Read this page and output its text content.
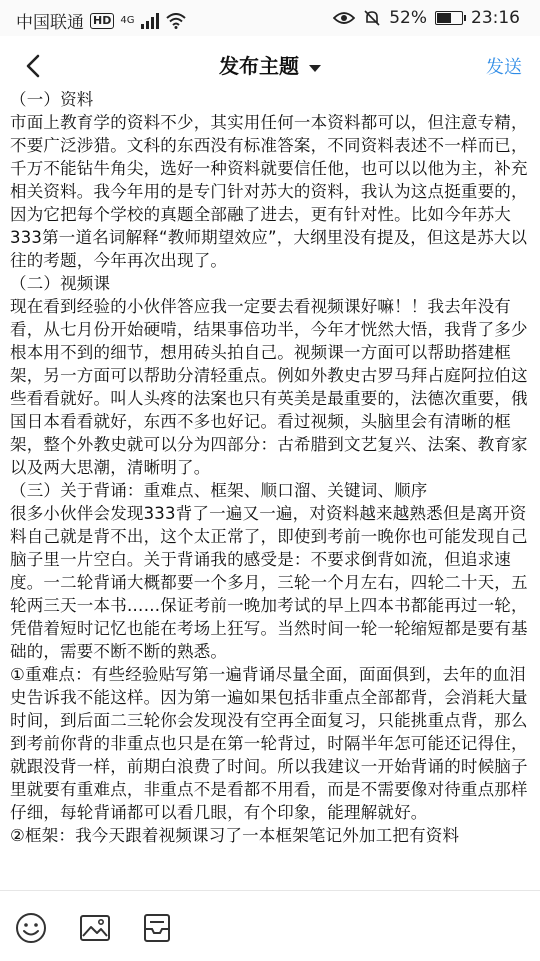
中国联通 HD 4G	52%	23:16
发布主题	发送

（一）资料

市面上教育学的资料不少，其实用任何一本资料都可以，但注意专精，不要广泛涉猎。文科的东西没有标准答案，不同资料表述不一样而已，千万不能钻牛角尖，选好一种资料就要信任他，也可以以他为主，补充相关资料。我今年用的是专门针对苏大的资料，我认为这点挺重要的，因为它把每个学校的真题全部融了进去，更有针对性。比如今年苏大333第一道名词解释“教师期望效应”，大纲里没有提及，但这是苏大以往的考题，今年再次出现了。

（二）视频课

现在看到经验的小伙伴答应我一定要去看视频课好嘛！！我去年没有看，从七月份开始硬啃，结果事倍功半，今年才恍然大悟，我背了多少根本用不到的细节，想用砖头拍自己。视频课一方面可以帮助搭建框架，另一方面可以帮助分清轻重点。例如外教史古罗马拜占庭阿拉伯这些看看就好。叫人头疼的法案也只有英美是最重要的，法德次重要，俄国日本看看就好，东西不多也好记。看过视频，头脑里会有清晰的框架，整个外教史就可以分为四部分：古希腊到文艺复兴、法案、教育家以及两大思潮，清晰明了。

（三）关于背诵：重难点、框架、顺口溜、关键词、顺序

很多小伙伴会发现333背了一遍又一遍，对资料越来越熟悉但是离开资料自己就是背不出，这个太正常了，即使到考前一晚你也可能发现自己脑子里一片空白。关于背诵我的感受是：不要求倒背如流，但追求速度。一二轮背诵大概都要一个多月，三轮一个月左右，四轮二十天，五轮两三天一本书……保证考前一晚加考试的早上四本书都能再过一轮，凭借着短时记忆也能在考场上狂写。当然时间一轮一轮缩短都是要有基础的，需要不断不断的熟悉。

①重难点：有些经验贴写第一遍背诵尽量全面，面面俱到，去年的血泪史告诉我不能这样。因为第一遍如果包括非重点全部都背，会消耗大量时间，到后面二三轮你会发现没有空再全面复习，只能挑重点背，那么到考前你背的非重点也只是在第一轮背过，时隔半年怎可能还记得住，就跟没背一样，前期白浪费了时间。所以我建议一开始背诵的时候脑子里就要有重难点，非重点不是看都不用看，而是不需要像对待重点那样仔细，每轮背诵都可以看几眼，有个印象，能理解就好。

②框架：我今天跟着视频课习了一本框架笔记外加工把有资料
